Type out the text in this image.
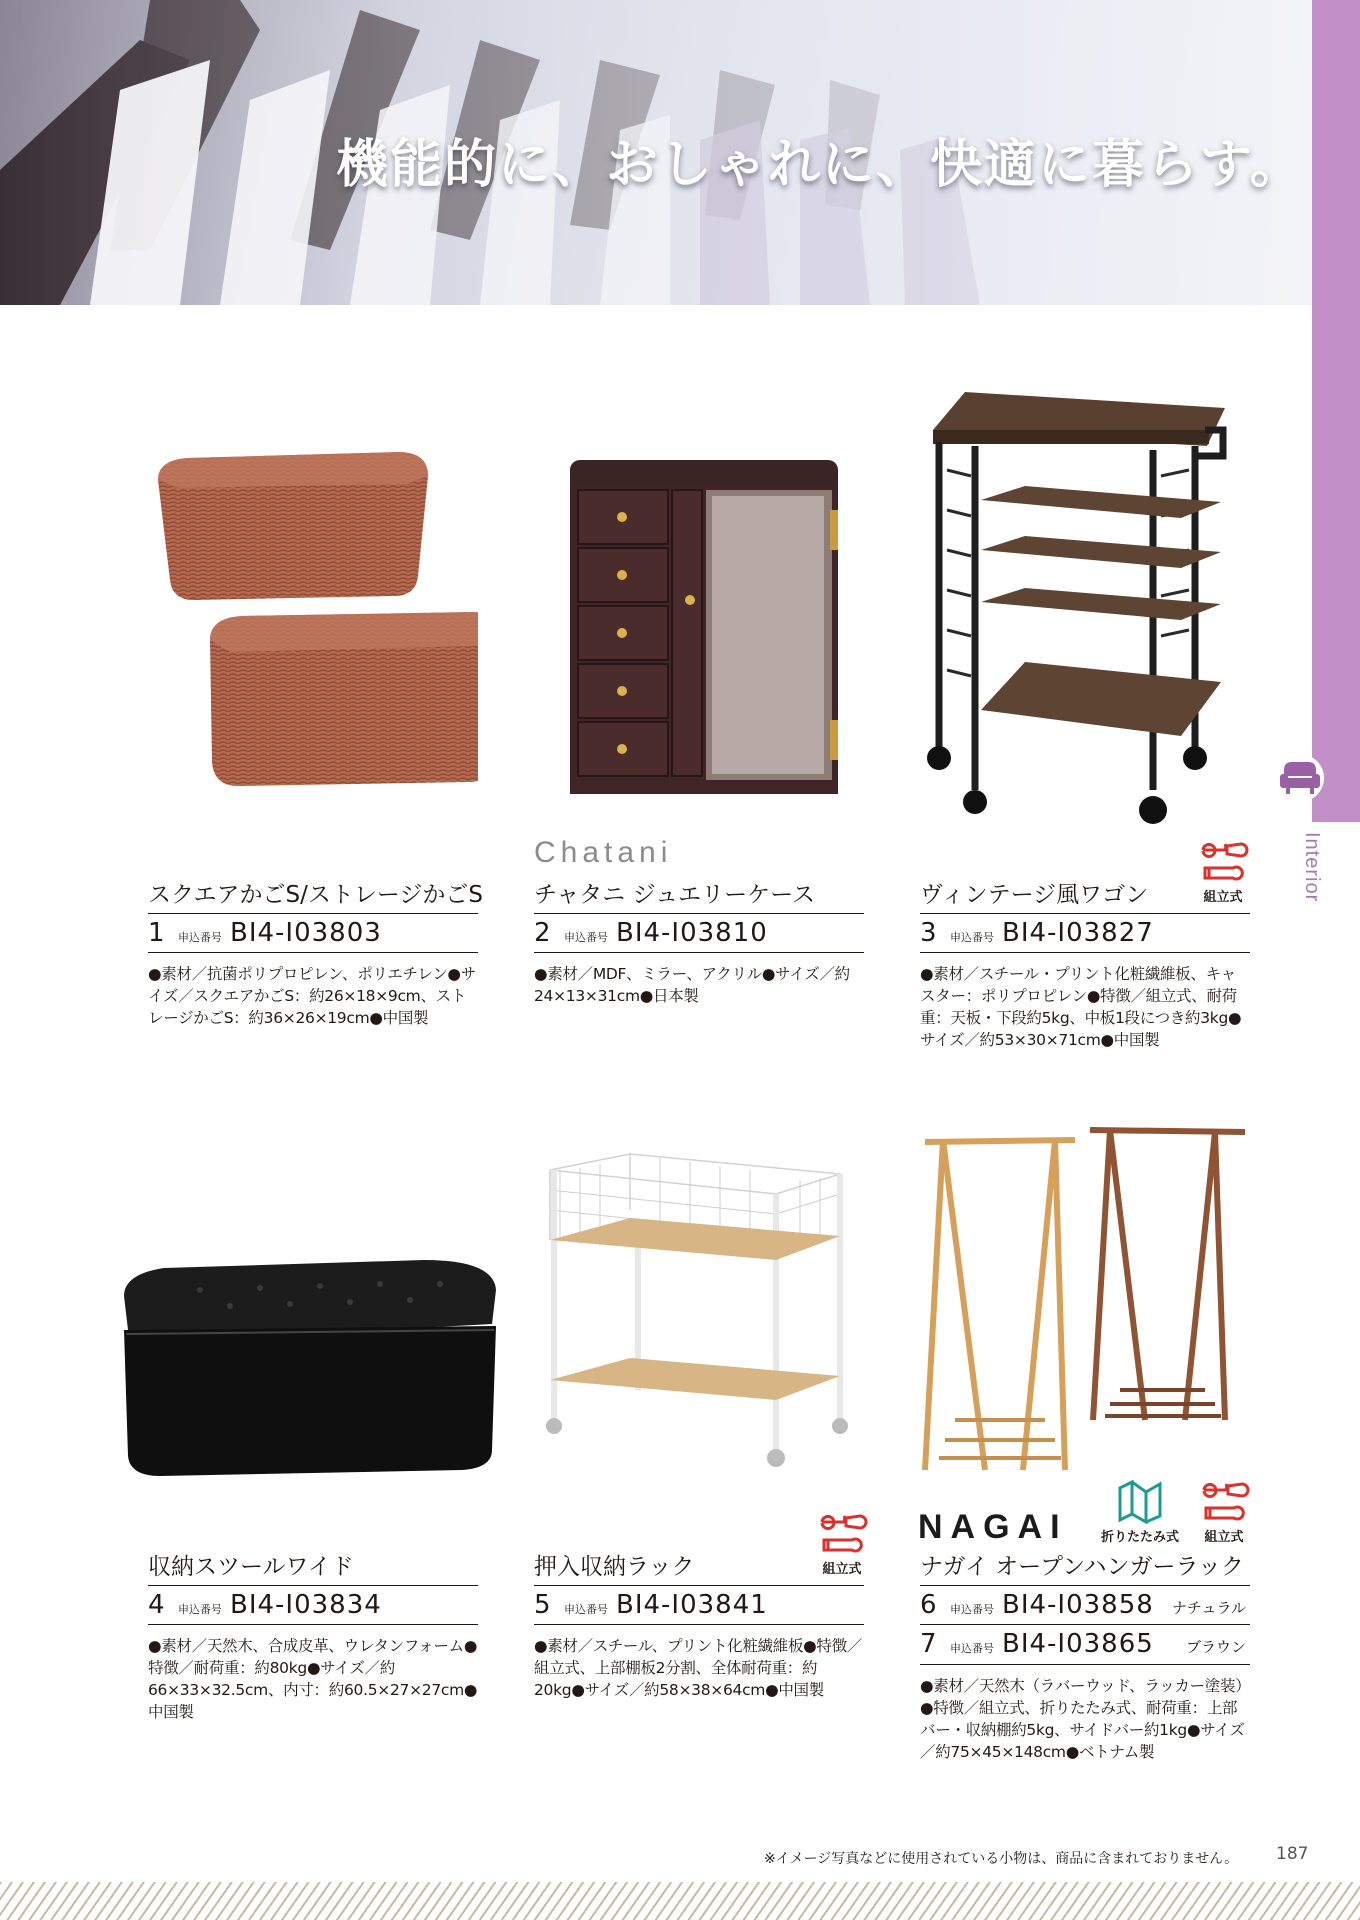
機能的に、おしゃれに、快適に暮らす。
Interior
スクエアかごS/ストレージかごS
1	申込番号 BI4-I03803
●素材／抗菌ポリプロピレン、ポリエチレン●サイズ／スクエアかごS：約26×18×9cm、ストレージかごS：約36×26×19cm●中国製
Chatani
チャタニ ジュエリーケース
2	申込番号 BI4-I03810
●素材／MDF、ミラー、アクリル●サイズ／約24×13×31cm●日本製
組立式
ヴィンテージ風ワゴン
3	申込番号 BI4-I03827
●素材／スチール・プリント化粧繊維板、キャスター：ポリプロピレン●特徴／組立式、耐荷重：天板・下段約5kg、中板1段につき約3kg●サイズ／約53×30×71cm●中国製
収納スツールワイド
4	申込番号 BI4-I03834
●素材／天然木、合成皮革、ウレタンフォーム●特徴／耐荷重：約80kg●サイズ／約66×33×32.5cm、内寸：約60.5×27×27cm●中国製
組立式
押入収納ラック
5	申込番号 BI4-I03841
●素材／スチール、プリント化粧繊維板●特徴／組立式、上部棚板2分割、全体耐荷重：約20kg●サイズ／約58×38×64cm●中国製
NAGAI	折りたたみ式	組立式
ナガイ オープンハンガーラック
6	申込番号 BI4-I03858 ナチュラル
7	申込番号 BI4-I03865 ブラウン
●素材／天然木（ラバーウッド、ラッカー塗装）●特徴／組立式、折りたたみ式、耐荷重：上部バー・収納棚約5kg、サイドバー約1kg●サイズ／約75×45×148cm●ベトナム製
※イメージ写真などに使用されている小物は、商品に含まれておりません。 187
